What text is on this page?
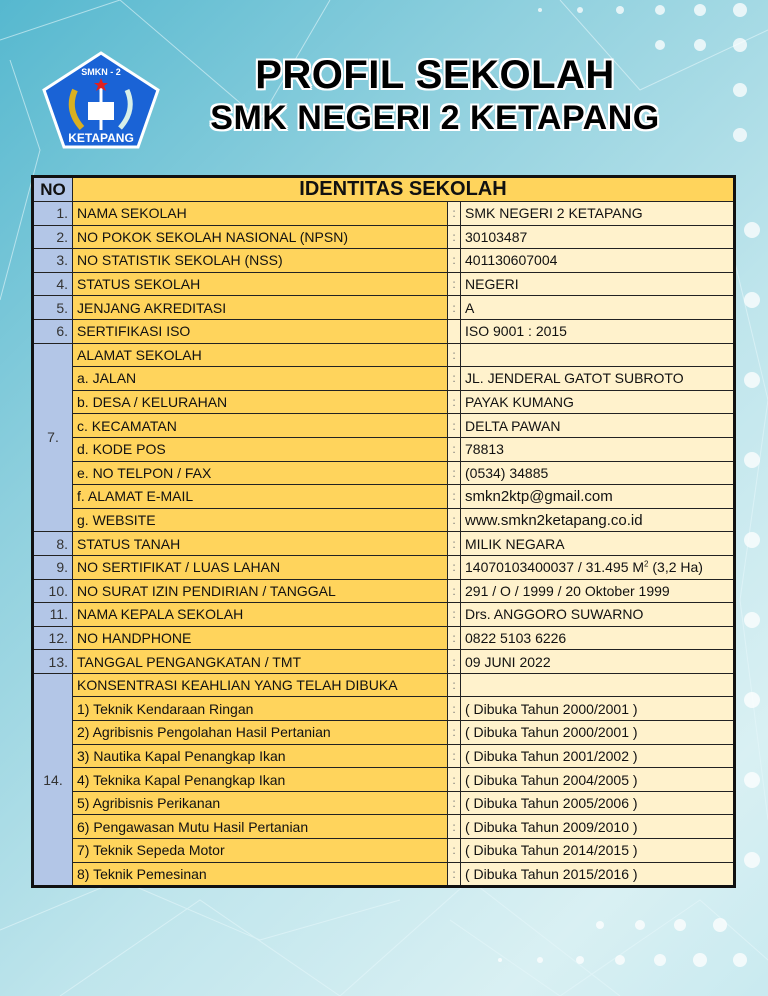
SMKN - 2
KETAPANG
PROFIL SEKOLAH
SMK NEGERI 2 KETAPANG
NO	IDENTITAS SEKOLAH		
1.	NAMA SEKOLAH	:	SMK NEGERI 2 KETAPANG
2.	NO POKOK SEKOLAH NASIONAL (NPSN)	:	30103487
3.	NO STATISTIK SEKOLAH (NSS)	:	401130607004
4.	STATUS SEKOLAH	:	NEGERI
5.	JENJANG AKREDITASI	:	A
6.	SERTIFIKASI ISO		ISO 9001 : 2015
7.	ALAMAT SEKOLAH	:	
	a. JALAN	:	JL. JENDERAL GATOT SUBROTO
	b. DESA / KELURAHAN	:	PAYAK KUMANG
	c. KECAMATAN	:	DELTA PAWAN
	d. KODE POS	:	78813
	e. NO TELPON / FAX	:	(0534) 34885
	f. ALAMAT E-MAIL	:	smkn2ktp@gmail.com
	g. WEBSITE	:	www.smkn2ketapang.co.id
8.	STATUS TANAH	:	MILIK NEGARA
9.	NO SERTIFIKAT / LUAS LAHAN	:	14070103400037 / 31.495 $M^2$ (3,2 Ha)
10.	NO SURAT IZIN PENDIRIAN / TANGGAL	:	291 / O / 1999 / 20 Oktober 1999
11.	NAMA KEPALA SEKOLAH	:	Drs. ANGGORO SUWARNO
12.	NO HANDPHONE	:	0822 5103 6226
13.	TANGGAL PENGANGKATAN / TMT	:	09 JUNI 2022
14.	KONSENTRASI KEAHLIAN YANG TELAH DIBUKA	:	
	1) Teknik Kendaraan Ringan	:	( Dibuka Tahun 2000/2001 )
	2) Agribisnis Pengolahan Hasil Pertanian	:	( Dibuka Tahun 2000/2001 )
	3) Nautika Kapal Penangkap Ikan	:	( Dibuka Tahun 2001/2002 )
	4) Teknika Kapal Penangkap Ikan	:	( Dibuka Tahun 2004/2005 )
	5) Agribisnis Perikanan	:	( Dibuka Tahun 2005/2006 )
	6) Pengawasan Mutu Hasil Pertanian	:	( Dibuka Tahun 2009/2010 )
	7) Teknik Sepeda Motor	:	( Dibuka Tahun 2014/2015 )
	8) Teknik Pemesinan	:	( Dibuka Tahun 2015/2016 )
